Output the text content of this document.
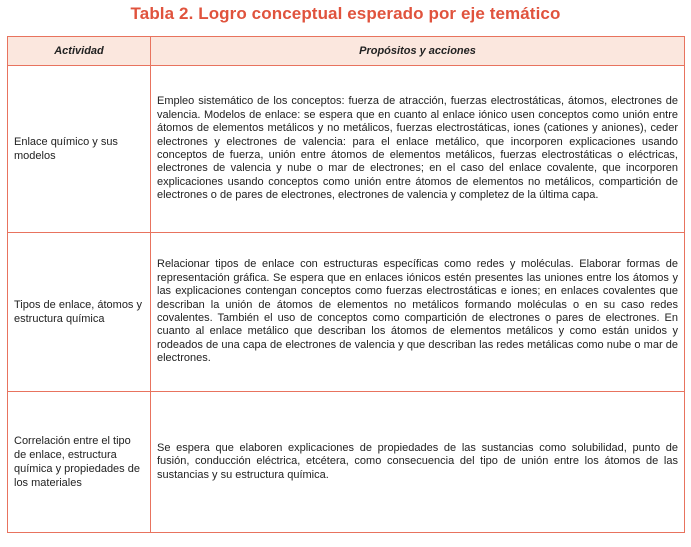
Tabla 2. Logro conceptual esperado por eje temático
Actividad	Propósitos y acciones
Enlace químico y sus modelos	Empleo sistemático de los conceptos: fuerza de atracción, fuerzas electrostáticas, átomos, electrones de valencia. Modelos de enlace: se espera que en cuanto al enlace iónico usen conceptos como unión entre átomos de elementos metálicos y no metálicos, fuerzas electrostáticas, iones (cationes y aniones), ceder electrones y electrones de valencia: para el enlace metálico, que incorporen explicaciones usando conceptos de fuerza, unión entre átomos de elementos metálicos, fuerzas electrostáticas o eléctricas, electrones de valencia y nube o mar de electrones; en el caso del enlace covalente, que incorporen explicaciones usando conceptos como unión entre átomos de elementos no metálicos, compartición de electrones o de pares de electrones, electrones de valencia y completez de la última capa.
Tipos de enlace, átomos y estructura química	Relacionar tipos de enlace con estructuras específicas como redes y moléculas. Elaborar formas de representación gráfica. Se espera que en enlaces iónicos estén presentes las uniones entre los átomos y las explicaciones contengan conceptos como fuerzas electrostáticas e iones; en enlaces covalentes que describan la unión de átomos de elementos no metálicos formando moléculas o en su caso redes covalentes. También el uso de conceptos como compartición de electrones o pares de electrones. En cuanto al enlace metálico que describan los átomos de elementos metálicos y como están unidos y rodeados de una capa de electrones de valencia y que describan las redes metálicas como nube o mar de electrones.
Correlación entre el tipo de enlace, estructura química y propiedades de los materiales	Se espera que elaboren explicaciones de propiedades de las sustancias como solubilidad, punto de fusión, conducción eléctrica, etcétera, como consecuencia del tipo de unión entre los átomos de las sustancias y su estructura química.
